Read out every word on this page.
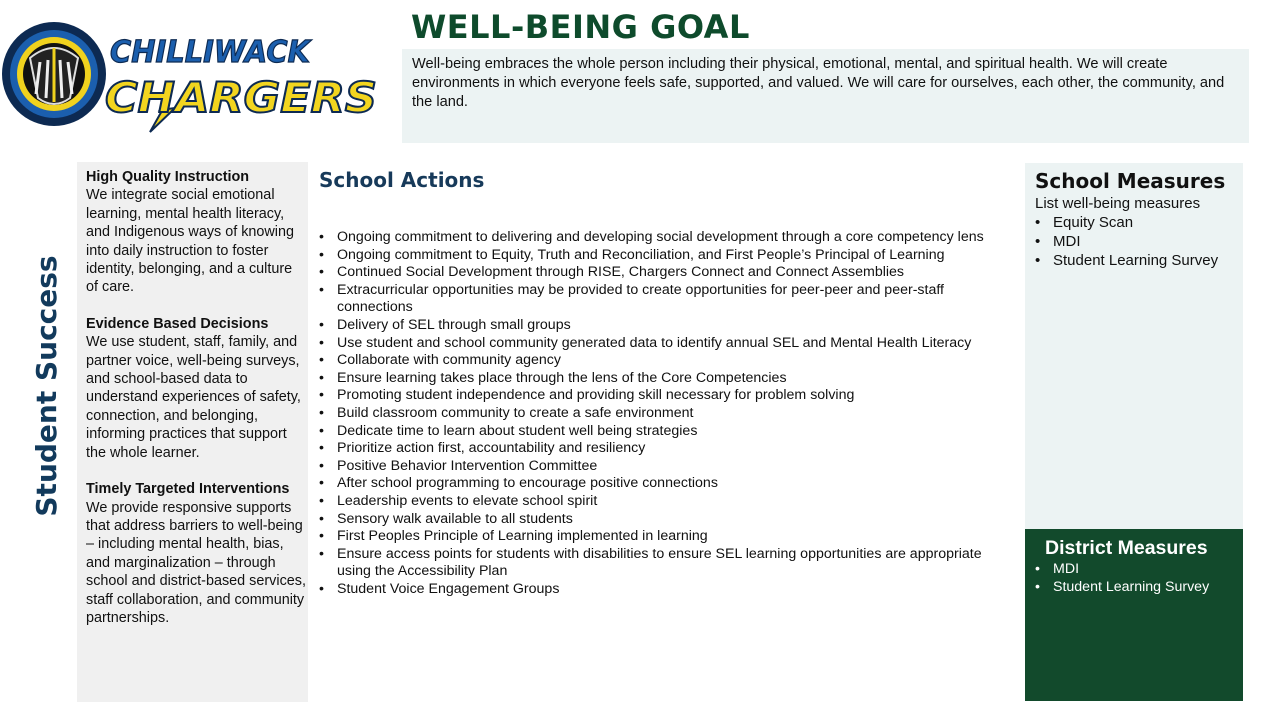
CHILLIWACK
CHARGERS
WELL-BEING GOAL
Well-being embraces the whole person including their physical, emotional, mental, and spiritual health. We will create environments in which everyone feels safe, supported, and valued. We will care for ourselves, each other, the community, and the land.
Student Success
High Quality Instruction
We integrate social emotional learning, mental health literacy, and Indigenous ways of knowing into daily instruction to foster identity, belonging, and a culture of care.
Evidence Based Decisions
We use student, staff, family, and partner voice, well-being surveys, and school-based data to understand experiences of safety, connection, and belonging, informing practices that support the whole learner.
Timely Targeted Interventions
We provide responsive supports that address barriers to well-being – including mental health, bias, and marginalization – through school and district-based services, staff collaboration, and community partnerships.
School Actions
• Ongoing commitment to delivering and developing social development through a core competency lens
• Ongoing commitment to Equity, Truth and Reconciliation, and First People’s Principal of Learning
• Continued Social Development through RISE, Chargers Connect and Connect Assemblies
• Extracurricular opportunities may be provided to create opportunities for peer-peer and peer-staff connections
• Delivery of SEL through small groups
• Use student and school community generated data to identify annual SEL and Mental Health Literacy
• Collaborate with community agency
• Ensure learning takes place through the lens of the Core Competencies
• Promoting student independence and providing skill necessary for problem solving
• Build classroom community to create a safe environment
• Dedicate time to learn about student well being strategies
• Prioritize action first, accountability and resiliency
• Positive Behavior Intervention Committee
• After school programming to encourage positive connections
• Leadership events to elevate school spirit
• Sensory walk available to all students
• First Peoples Principle of Learning implemented in learning
• Ensure access points for students with disabilities to ensure SEL learning opportunities are appropriate using the Accessibility Plan
• Student Voice Engagement Groups
School Measures
List well-being measures
• Equity Scan
• MDI
• Student Learning Survey
District Measures
• MDI
• Student Learning Survey
